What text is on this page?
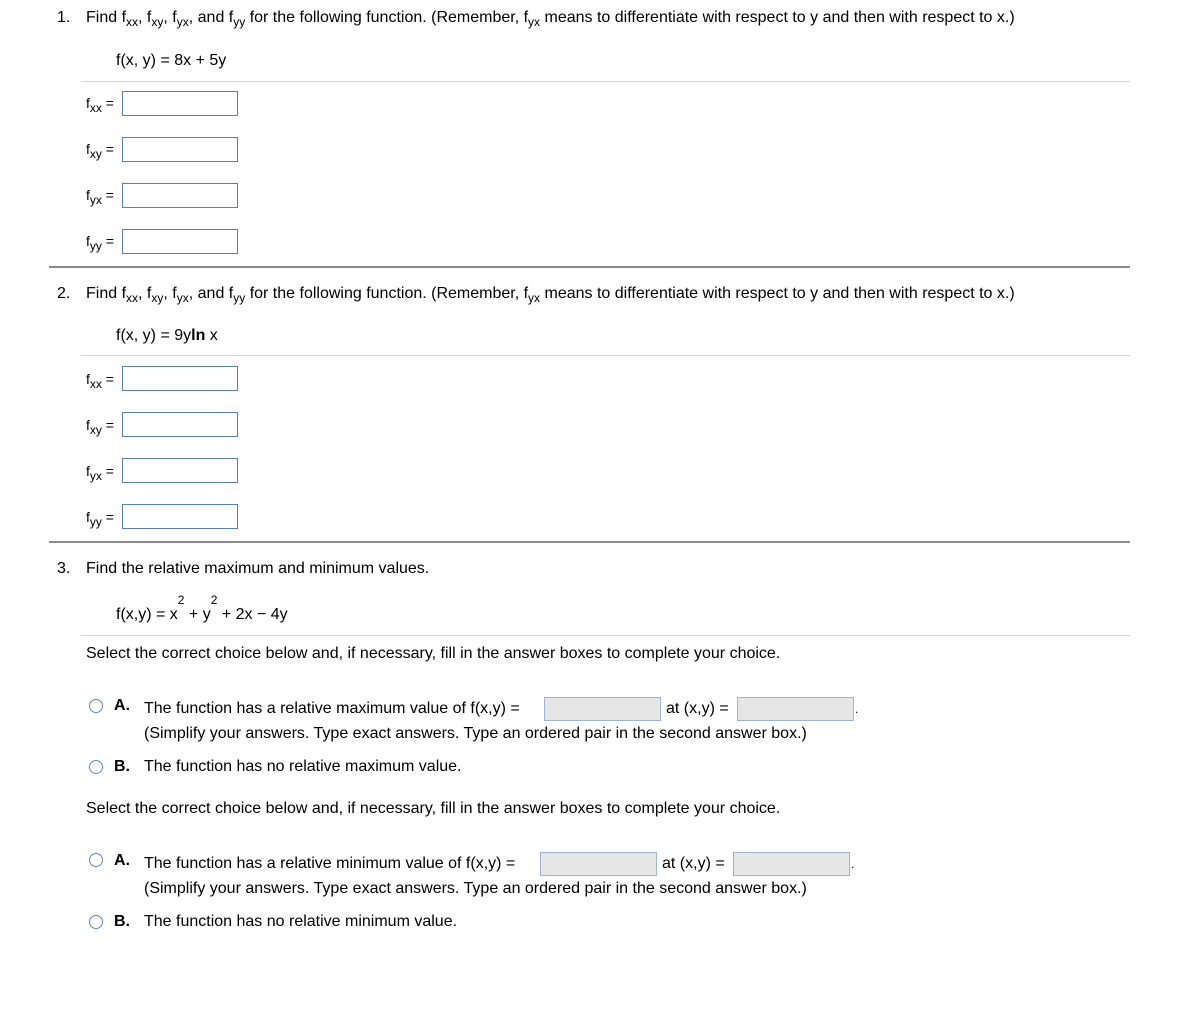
1. Find $f_{xx}$, $f_{xy}$, $f_{yx}$, and $f_{yy}$ for the following function. (Remember, $f_{yx}$ means to differentiate with respect to y and then with respect to x.)
f(x, y) = 8x + 5y
$f_{xx}$ =
$f_{xy}$ =
$f_{yx}$ =
$f_{yy}$ =
2. Find $f_{xx}$, $f_{xy}$, $f_{yx}$, and $f_{yy}$ for the following function. (Remember, $f_{yx}$ means to differentiate with respect to y and then with respect to x.)
f(x, y) = 9yln x
$f_{xx}$ =
$f_{xy}$ =
$f_{yx}$ =
$f_{yy}$ =
3. Find the relative maximum and minimum values.
$f(x,y) = x^2 + y^2 + 2x - 4y$
Select the correct choice below and, if necessary, fill in the answer boxes to complete your choice.
A. The function has a relative maximum value of f(x,y) =	at (x,y) =	.
(Simplify your answers. Type exact answers. Type an ordered pair in the second answer box.)
B. The function has no relative maximum value.
Select the correct choice below and, if necessary, fill in the answer boxes to complete your choice.
A. The function has a relative minimum value of f(x,y) =	at (x,y) =	.
(Simplify your answers. Type exact answers. Type an ordered pair in the second answer box.)
B. The function has no relative minimum value.
